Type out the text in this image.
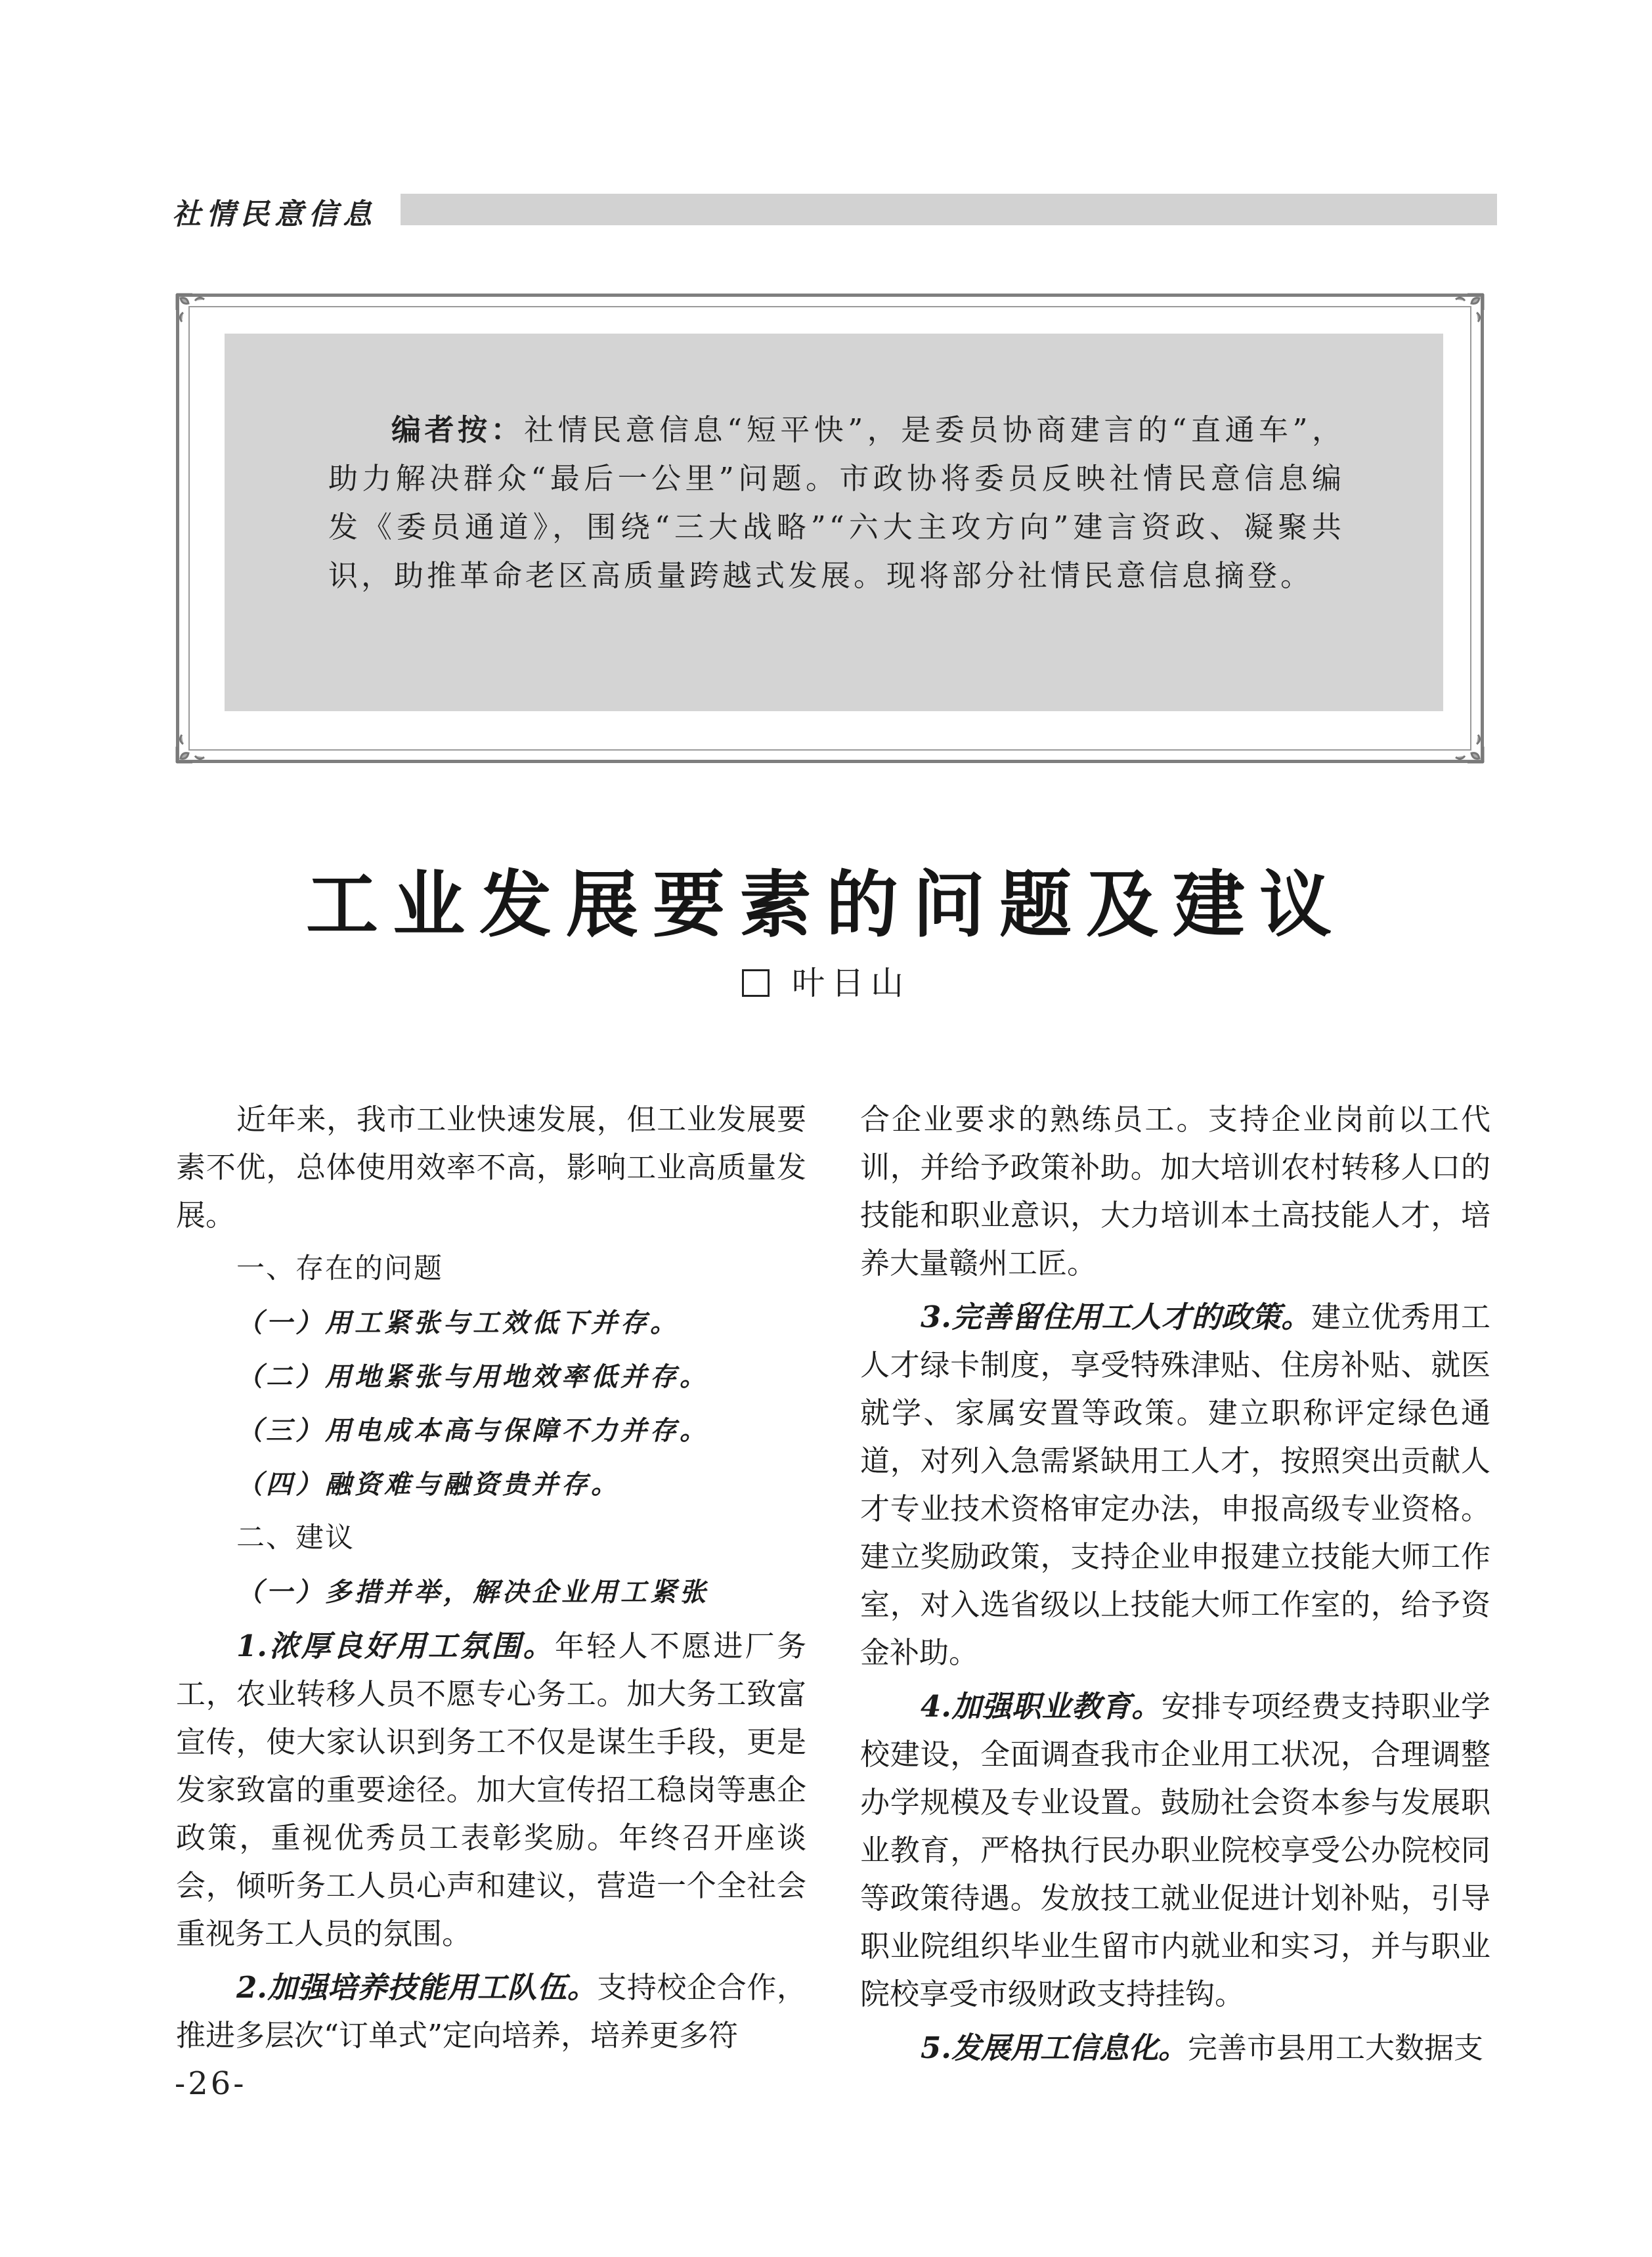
社情民意信息

编者按：社情民意信息“短平快”，是委员协商建言的“直通车”，助力解决群众“最后一公里”问题。市政协将委员反映社情民意信息编发《委员通道》，围绕“三大战略”“六大主攻方向”建言资政、凝聚共识，助推革命老区高质量跨越式发展。现将部分社情民意信息摘登。

工业发展要素的问题及建议
叶日山

近年来，我市工业快速发展，但工业发展要素不优，总体使用效率不高，影响工业高质量发展。

一、存在的问题

（一）用工紧张与工效低下并存。

（二）用地紧张与用地效率低并存。

（三）用电成本高与保障不力并存。

（四）融资难与融资贵并存。

二、建议

（一）多措并举，解决企业用工紧张

1.浓厚良好用工氛围。年轻人不愿进厂务工，农业转移人员不愿专心务工。加大务工致富宣传，使大家认识到务工不仅是谋生手段，更是发家致富的重要途径。加大宣传招工稳岗等惠企政策，重视优秀员工表彰奖励。年终召开座谈会，倾听务工人员心声和建议，营造一个全社会重视务工人员的氛围。

2.加强培养技能用工队伍。支持校企合作，推进多层次“订单式”定向培养，培养更多符

合企业要求的熟练员工。支持企业岗前以工代训，并给予政策补助。加大培训农村转移人口的技能和职业意识，大力培训本土高技能人才，培养大量赣州工匠。

3.完善留住用工人才的政策。建立优秀用工人才绿卡制度，享受特殊津贴、住房补贴、就医就学、家属安置等政策。建立职称评定绿色通道，对列入急需紧缺用工人才，按照突出贡献人才专业技术资格审定办法，申报高级专业资格。建立奖励政策，支持企业申报建立技能大师工作室，对入选省级以上技能大师工作室的，给予资金补助。

4.加强职业教育。安排专项经费支持职业学校建设，全面调查我市企业用工状况，合理调整办学规模及专业设置。鼓励社会资本参与发展职业教育，严格执行民办职业院校享受公办院校同等政策待遇。发放技工就业促进计划补贴，引导职业院组织毕业生留市内就业和实习，并与职业院校享受市级财政支持挂钩。

5.发展用工信息化。完善市县用工大数据支

-26-
